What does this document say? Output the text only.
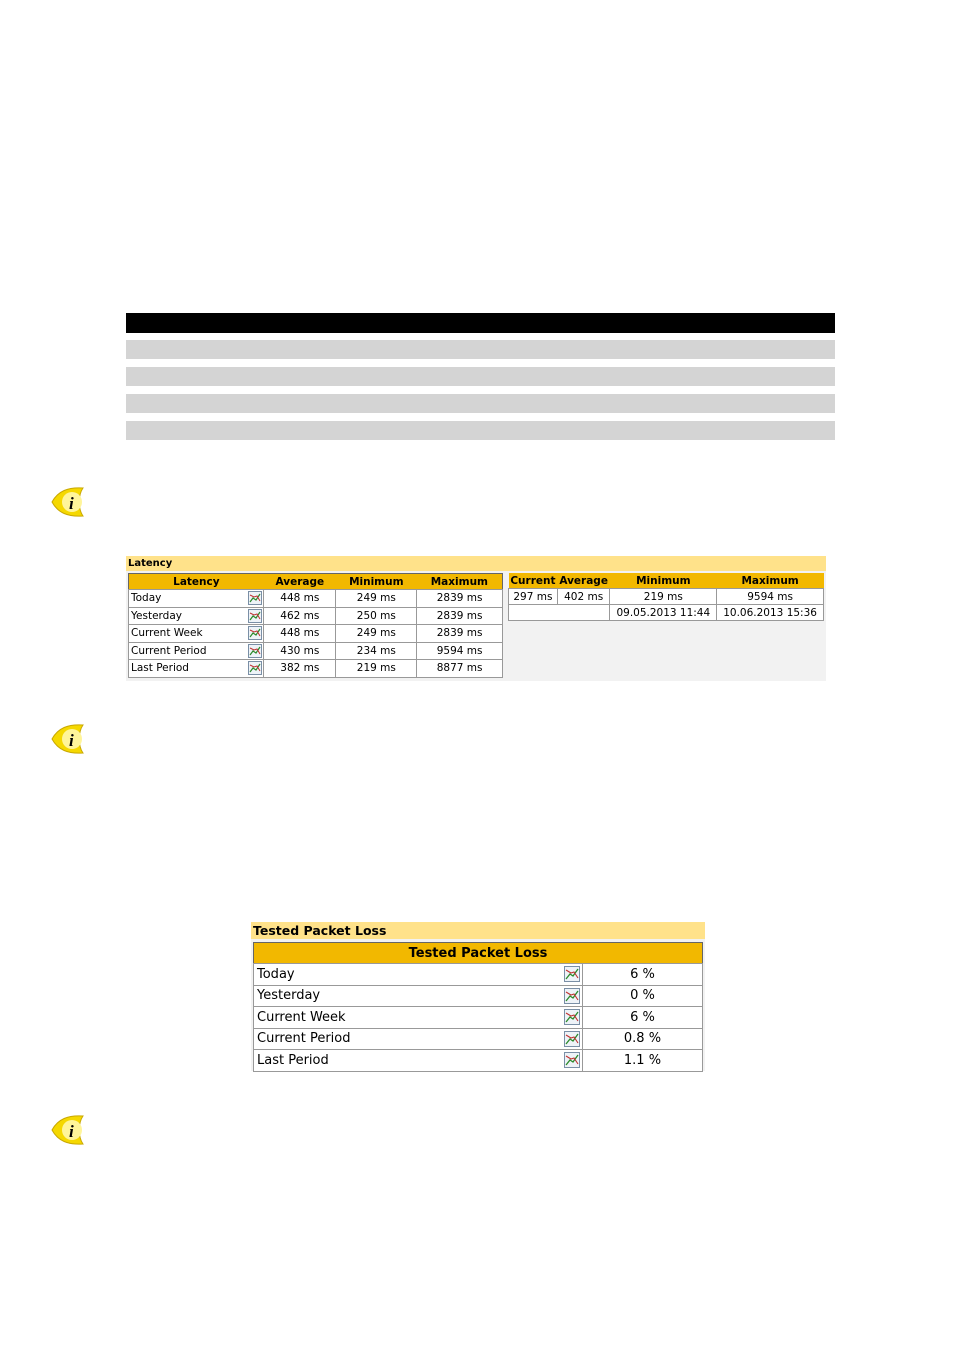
i
i
i
Latency
Latency		Average	Minimum	Maximum
Today		448 ms	249 ms	2839 ms
Yesterday		462 ms	250 ms	2839 ms
Current Week		448 ms	249 ms	2839 ms
Current Period		430 ms	234 ms	9594 ms
Last Period		382 ms	219 ms	8877 ms
Current	Average	Minimum	Maximum
297 ms	402 ms	219 ms	9594 ms
		09.05.2013 11:44	10.06.2013 15:36
Tested Packet Loss
Tested Packet Loss		
Today		6 %
Yesterday		0 %
Current Week		6 %
Current Period		0.8 %
Last Period		1.1 %
